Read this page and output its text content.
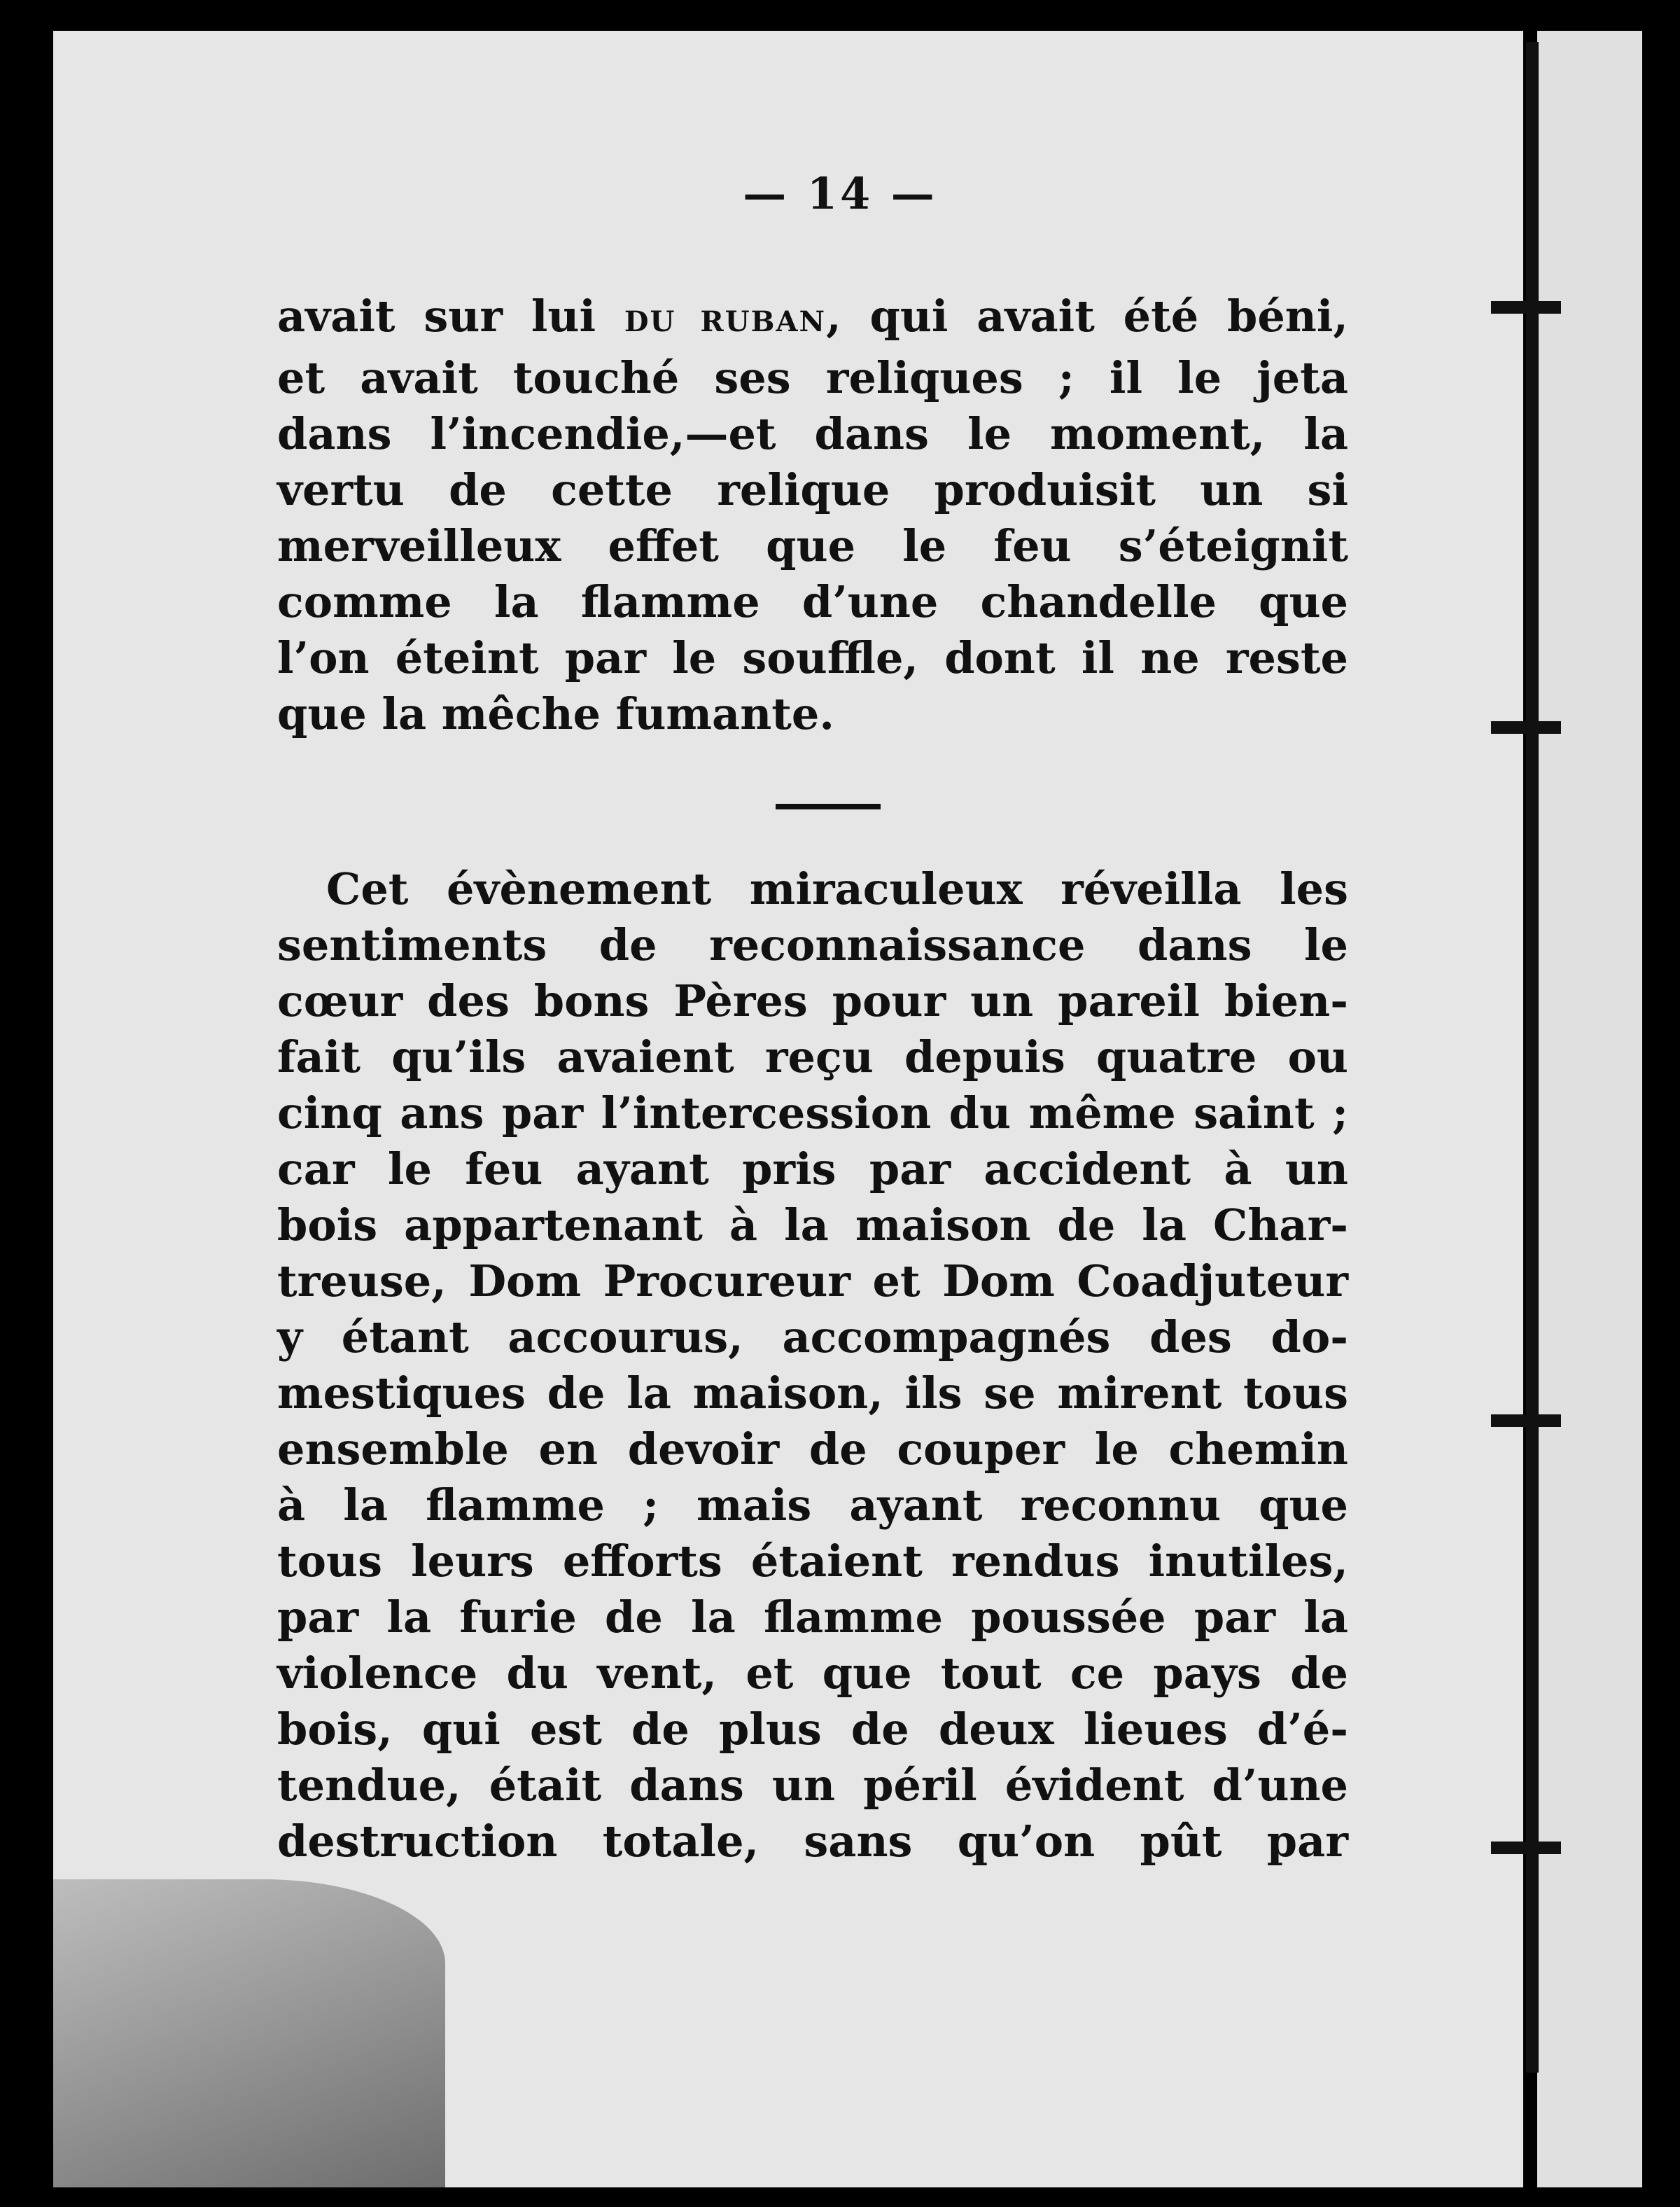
— 14 —
avait sur lui DU RUBAN, qui avait été béni,
et avait touché ses reliques ; il le jeta
dans l’incendie,—et dans le moment, la
vertu de cette relique produisit un si
merveilleux effet que le feu s’éteignit
comme la flamme d’une chandelle que
l’on éteint par le souffle, dont il ne reste
que la mêche fumante.
Cet évènement miraculeux réveilla les
sentiments de reconnaissance dans le
cœur des bons Pères pour un pareil bien-
fait qu’ils avaient reçu depuis quatre ou
cinq ans par l’intercession du même saint ;
car le feu ayant pris par accident à un
bois appartenant à la maison de la Char-
treuse, Dom Procureur et Dom Coadjuteur
y étant accourus, accompagnés des do-
mestiques de la maison, ils se mirent tous
ensemble en devoir de couper le chemin
à la flamme ; mais ayant reconnu que
tous leurs efforts étaient rendus inutiles,
par la furie de la flamme poussée par la
violence du vent, et que tout ce pays de
bois, qui est de plus de deux lieues d’é-
tendue, était dans un péril évident d’une
destruction totale, sans qu’on pût par
